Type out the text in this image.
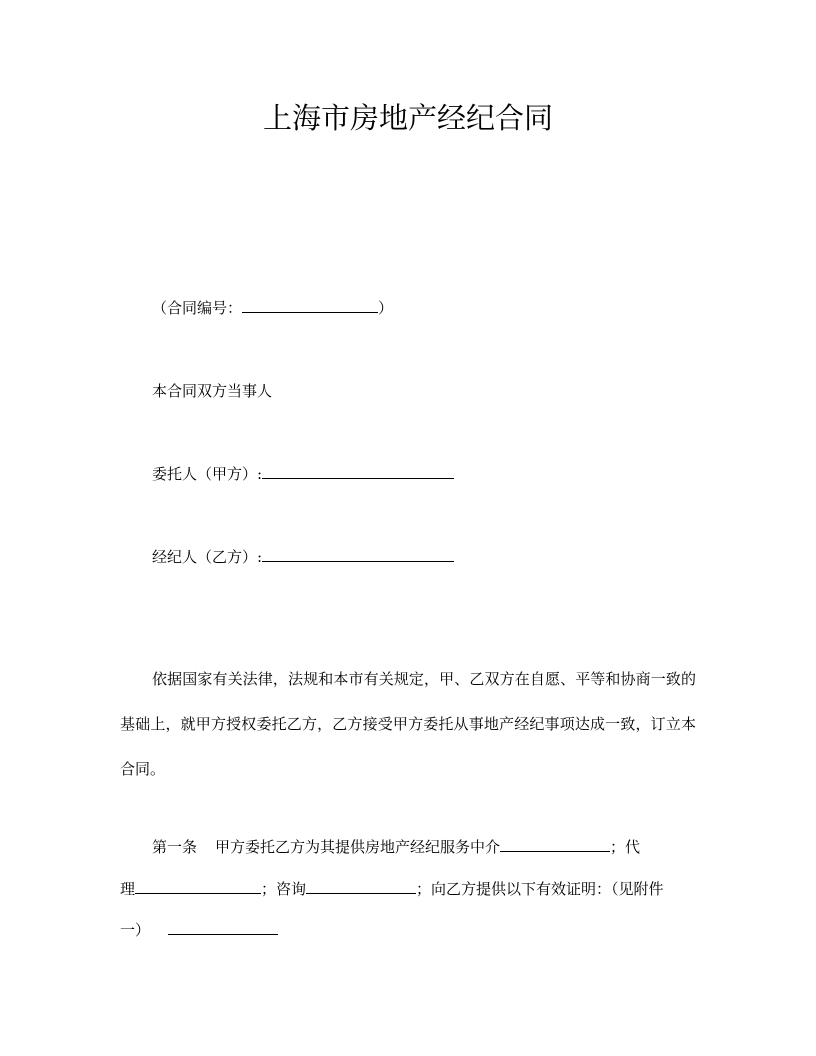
上海市房地产经纪合同
（合同编号：	）
本合同双方当事人
委托人（甲方）:
经纪人（乙方）:
依据国家有关法律，法规和本市有关规定，甲、乙双方在自愿、平等和协商一致的基础上，就甲方授权委托乙方，乙方接受甲方委托从事地产经纪事项达成一致，订立本合同。
第一条 甲方委托乙方为其提供房地产经纪服务中介	；代
理	；咨询	；向乙方提供以下有效证明：（见附件
一）
